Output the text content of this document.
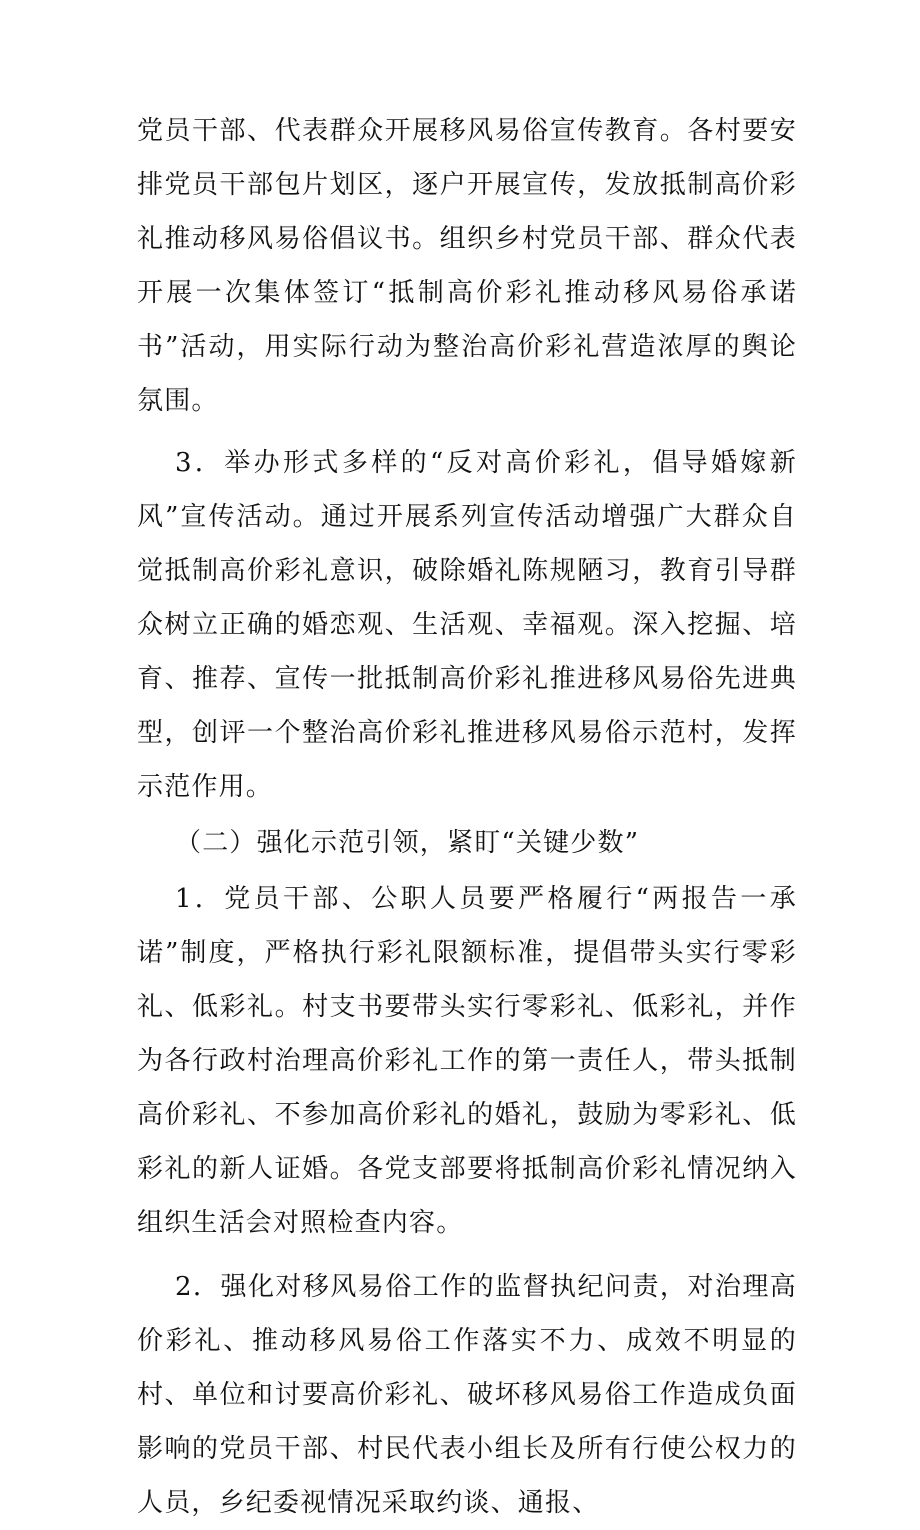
党员干部、代表群众开展移风易俗宣传教育。各村要安排党员干部包片划区，逐户开展宣传，发放抵制高价彩礼推动移风易俗倡议书。组织乡村党员干部、群众代表开展一次集体签订“抵制高价彩礼推动移风易俗承诺书”活动，用实际行动为整治高价彩礼营造浓厚的舆论氛围。

3．举办形式多样的“反对高价彩礼，倡导婚嫁新风”宣传活动。通过开展系列宣传活动增强广大群众自觉抵制高价彩礼意识，破除婚礼陈规陋习，教育引导群众树立正确的婚恋观、生活观、幸福观。深入挖掘、培育、推荐、宣传一批抵制高价彩礼推进移风易俗先进典型，创评一个整治高价彩礼推进移风易俗示范村，发挥示范作用。

（二）强化示范引领，紧盯“关键少数”

1．党员干部、公职人员要严格履行“两报告一承诺”制度，严格执行彩礼限额标准，提倡带头实行零彩礼、低彩礼。村支书要带头实行零彩礼、低彩礼，并作为各行政村治理高价彩礼工作的第一责任人，带头抵制高价彩礼、不参加高价彩礼的婚礼，鼓励为零彩礼、低彩礼的新人证婚。各党支部要将抵制高价彩礼情况纳入组织生活会对照检查内容。

2．强化对移风易俗工作的监督执纪问责，对治理高价彩礼、推动移风易俗工作落实不力、成效不明显的村、单位和讨要高价彩礼、破坏移风易俗工作造成负面影响的党员干部、村民代表小组长及所有行使公权力的人员，乡纪委视情况采取约谈、通报、
